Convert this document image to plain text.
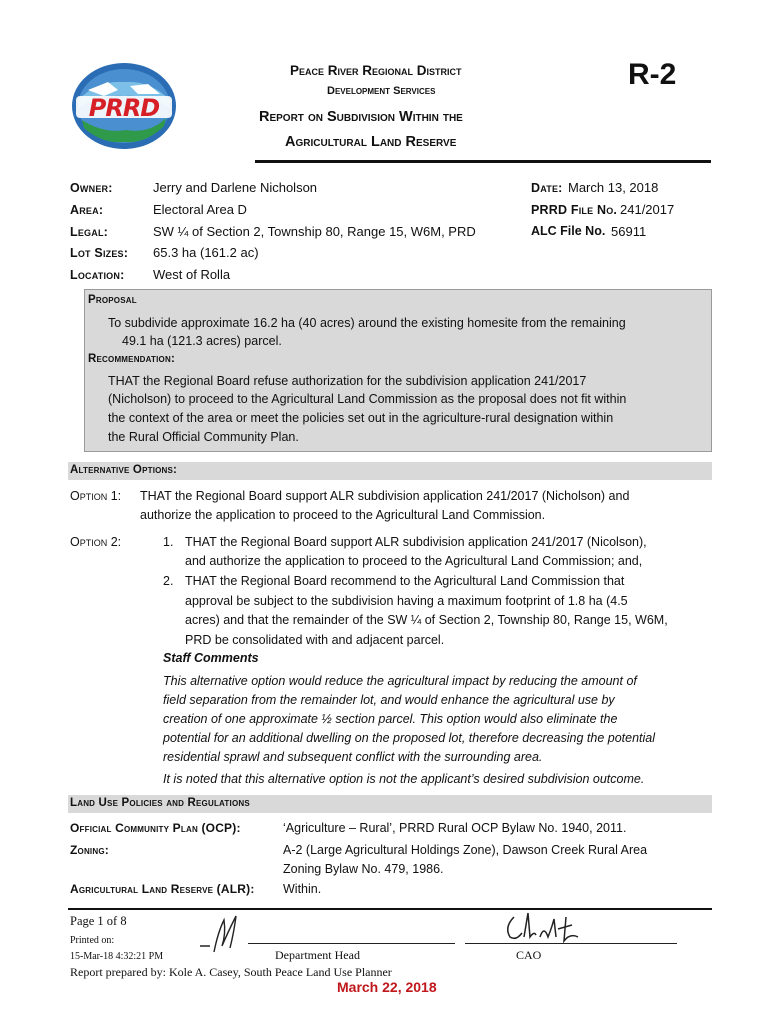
PRRD
Peace River Regional District
Development Services
Report on Subdivision Within the
Agricultural Land Reserve
R-2
Owner:	Jerry and Darlene Nicholson
Area:	Electoral Area D
Legal:	SW ¼ of Section 2, Township 80, Range 15, W6M, PRD
Lot Sizes: 65.3 ha (161.2 ac)
Location: West of Rolla
Date: March 13, 2018
PRRD File No. 241/2017
ALC File No. 56911
Proposal
To subdivide approximate 16.2 ha (40 acres) around the existing homesite from the remaining
49.1 ha (121.3 acres) parcel.
Recommendation:
THAT the Regional Board refuse authorization for the subdivision application 241/2017
(Nicholson) to proceed to the Agricultural Land Commission as the proposal does not fit within
the context of the area or meet the policies set out in the agriculture-rural designation within
the Rural Official Community Plan.
Alternative Options:
Option 1: THAT the Regional Board support ALR subdivision application 241/2017 (Nicholson) and
authorize the application to proceed to the Agricultural Land Commission.
Option 2:	1. THAT the Regional Board support ALR subdivision application 241/2017 (Nicolson),
and authorize the application to proceed to the Agricultural Land Commission; and,
2. THAT the Regional Board recommend to the Agricultural Land Commission that
approval be subject to the subdivision having a maximum footprint of 1.8 ha (4.5
acres) and that the remainder of the SW ¼ of Section 2, Township 80, Range 15, W6M,
PRD be consolidated with and adjacent parcel.
Staff Comments
This alternative option would reduce the agricultural impact by reducing the amount of
field separation from the remainder lot, and would enhance the agricultural use by
creation of one approximate ½ section parcel. This option would also eliminate the
potential for an additional dwelling on the proposed lot, therefore decreasing the potential
residential sprawl and subsequent conflict with the surrounding area.
It is noted that this alternative option is not the applicant’s desired subdivision outcome.
Land Use Policies and Regulations
Official Community Plan (OCP):	‘Agriculture – Rural’, PRRD Rural OCP Bylaw No. 1940, 2011.
Zoning:	A-2 (Large Agricultural Holdings Zone), Dawson Creek Rural Area
Zoning Bylaw No. 479, 1986.
Agricultural Land Reserve (ALR): Within.
Page 1 of 8
Printed on:
15-Mar-18 4:32:21 PM	Department Head	CAO
Report prepared by: Kole A. Casey, South Peace Land Use Planner
March 22, 2018
